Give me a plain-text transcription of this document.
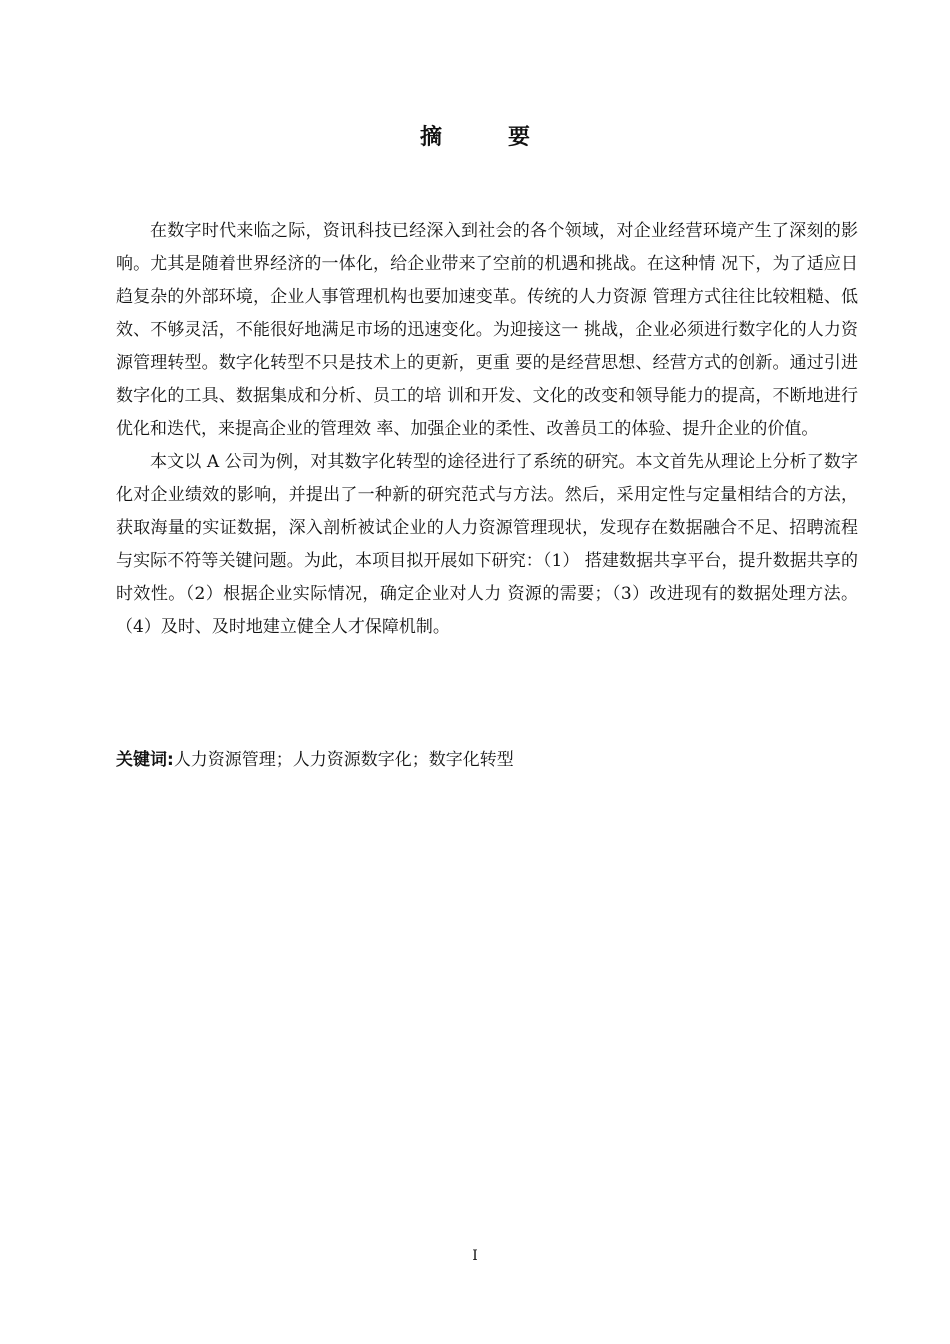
摘　要

在数字时代来临之际，资讯科技已经深入到社会的各个领域，对企业经营环境产生了深刻的影响。尤其是随着世界经济的一体化，给企业带来了空前的机遇和挑战。在这种情 况下，为了适应日趋复杂的外部环境，企业人事管理机构也要加速变革。传统的人力资源 管理方式往往比较粗糙、低效、不够灵活，不能很好地满足市场的迅速变化。为迎接这一 挑战，企业必须进行数字化的人力资源管理转型。数字化转型不只是技术上的更新，更重 要的是经营思想、经营方式的创新。通过引进数字化的工具、数据集成和分析、员工的培 训和开发、文化的改变和领导能力的提高，不断地进行优化和迭代，来提高企业的管理效 率、加强企业的柔性、改善员工的体验、提升企业的价值。

本文以 A 公司为例，对其数字化转型的途径进行了系统的研究。本文首先从理论上分析了数字化对企业绩效的影响，并提出了一种新的研究范式与方法。然后，采用定性与定量相结合的方法，获取海量的实证数据，深入剖析被试企业的人力资源管理现状，发现存在数据融合不足、招聘流程与实际不符等关键问题。为此，本项目拟开展如下研究：（1） 搭建数据共享平台，提升数据共享的时效性。（2）根据企业实际情况，确定企业对人力 资源的需要；（3）改进现有的数据处理方法。（4）及时、及时地建立健全人才保障机制。

关键词:人力资源管理；人力资源数字化；数字化转型
I
